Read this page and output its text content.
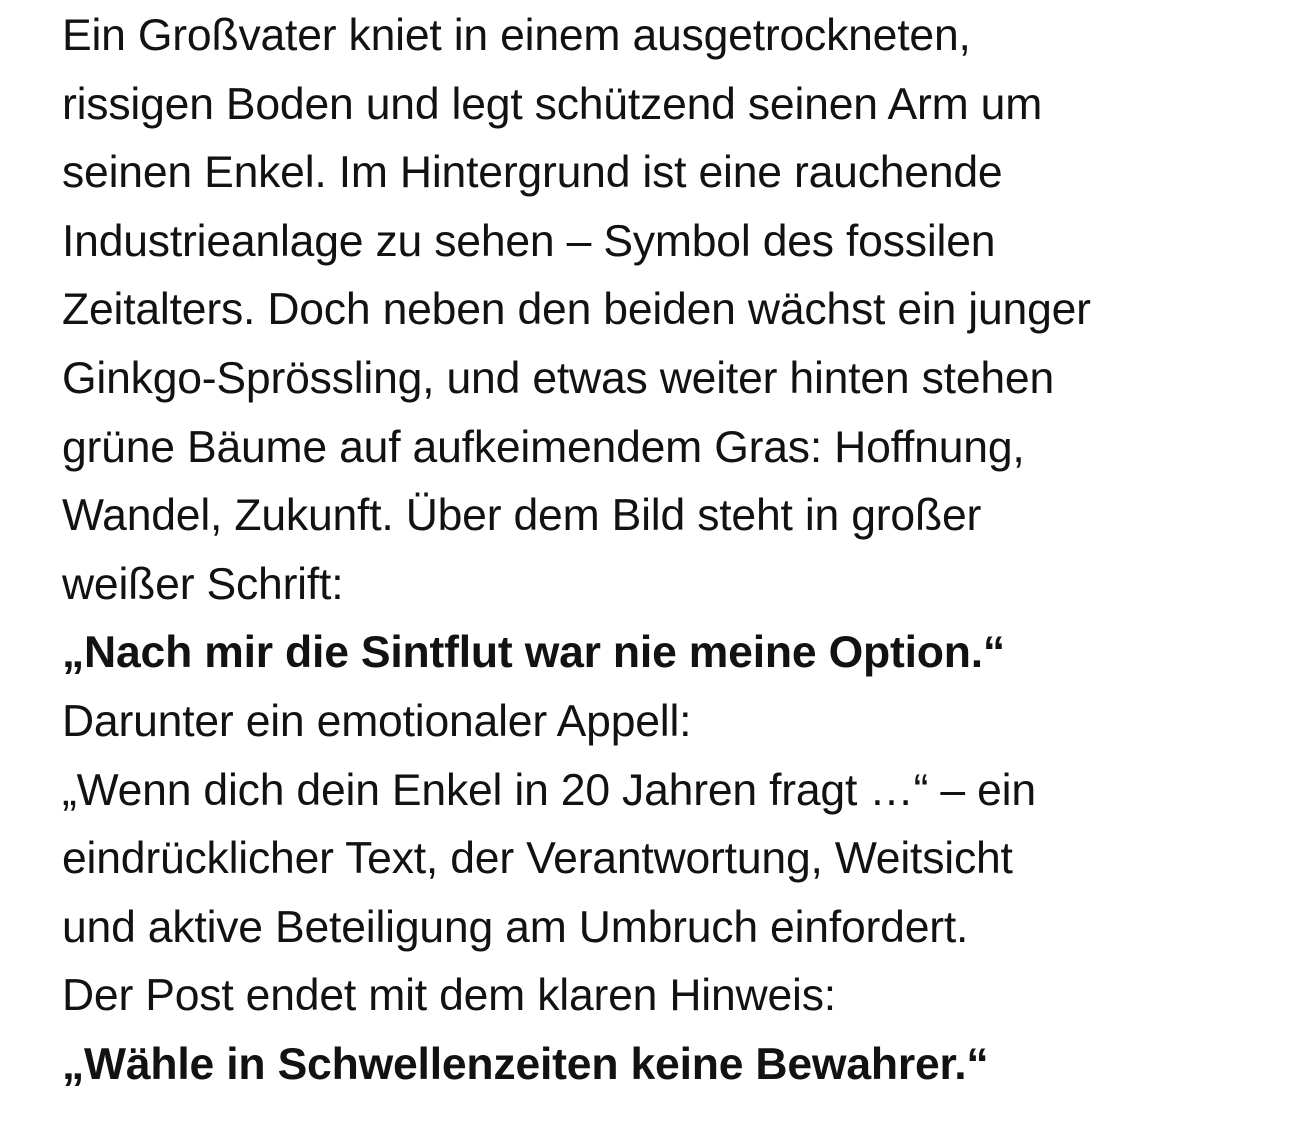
Ein Großvater kniet in einem ausgetrockneten,
rissigen Boden und legt schützend seinen Arm um
seinen Enkel. Im Hintergrund ist eine rauchende
Industrieanlage zu sehen – Symbol des fossilen
Zeitalters. Doch neben den beiden wächst ein junger
Ginkgo-Sprössling, und etwas weiter hinten stehen
grüne Bäume auf aufkeimendem Gras: Hoffnung,
Wandel, Zukunft. Über dem Bild steht in großer
weißer Schrift:
„Nach mir die Sintflut war nie meine Option.“
Darunter ein emotionaler Appell:
„Wenn dich dein Enkel in 20 Jahren fragt …“ – ein
eindrücklicher Text, der Verantwortung, Weitsicht
und aktive Beteiligung am Umbruch einfordert.
Der Post endet mit dem klaren Hinweis:
„Wähle in Schwellenzeiten keine Bewahrer.“
